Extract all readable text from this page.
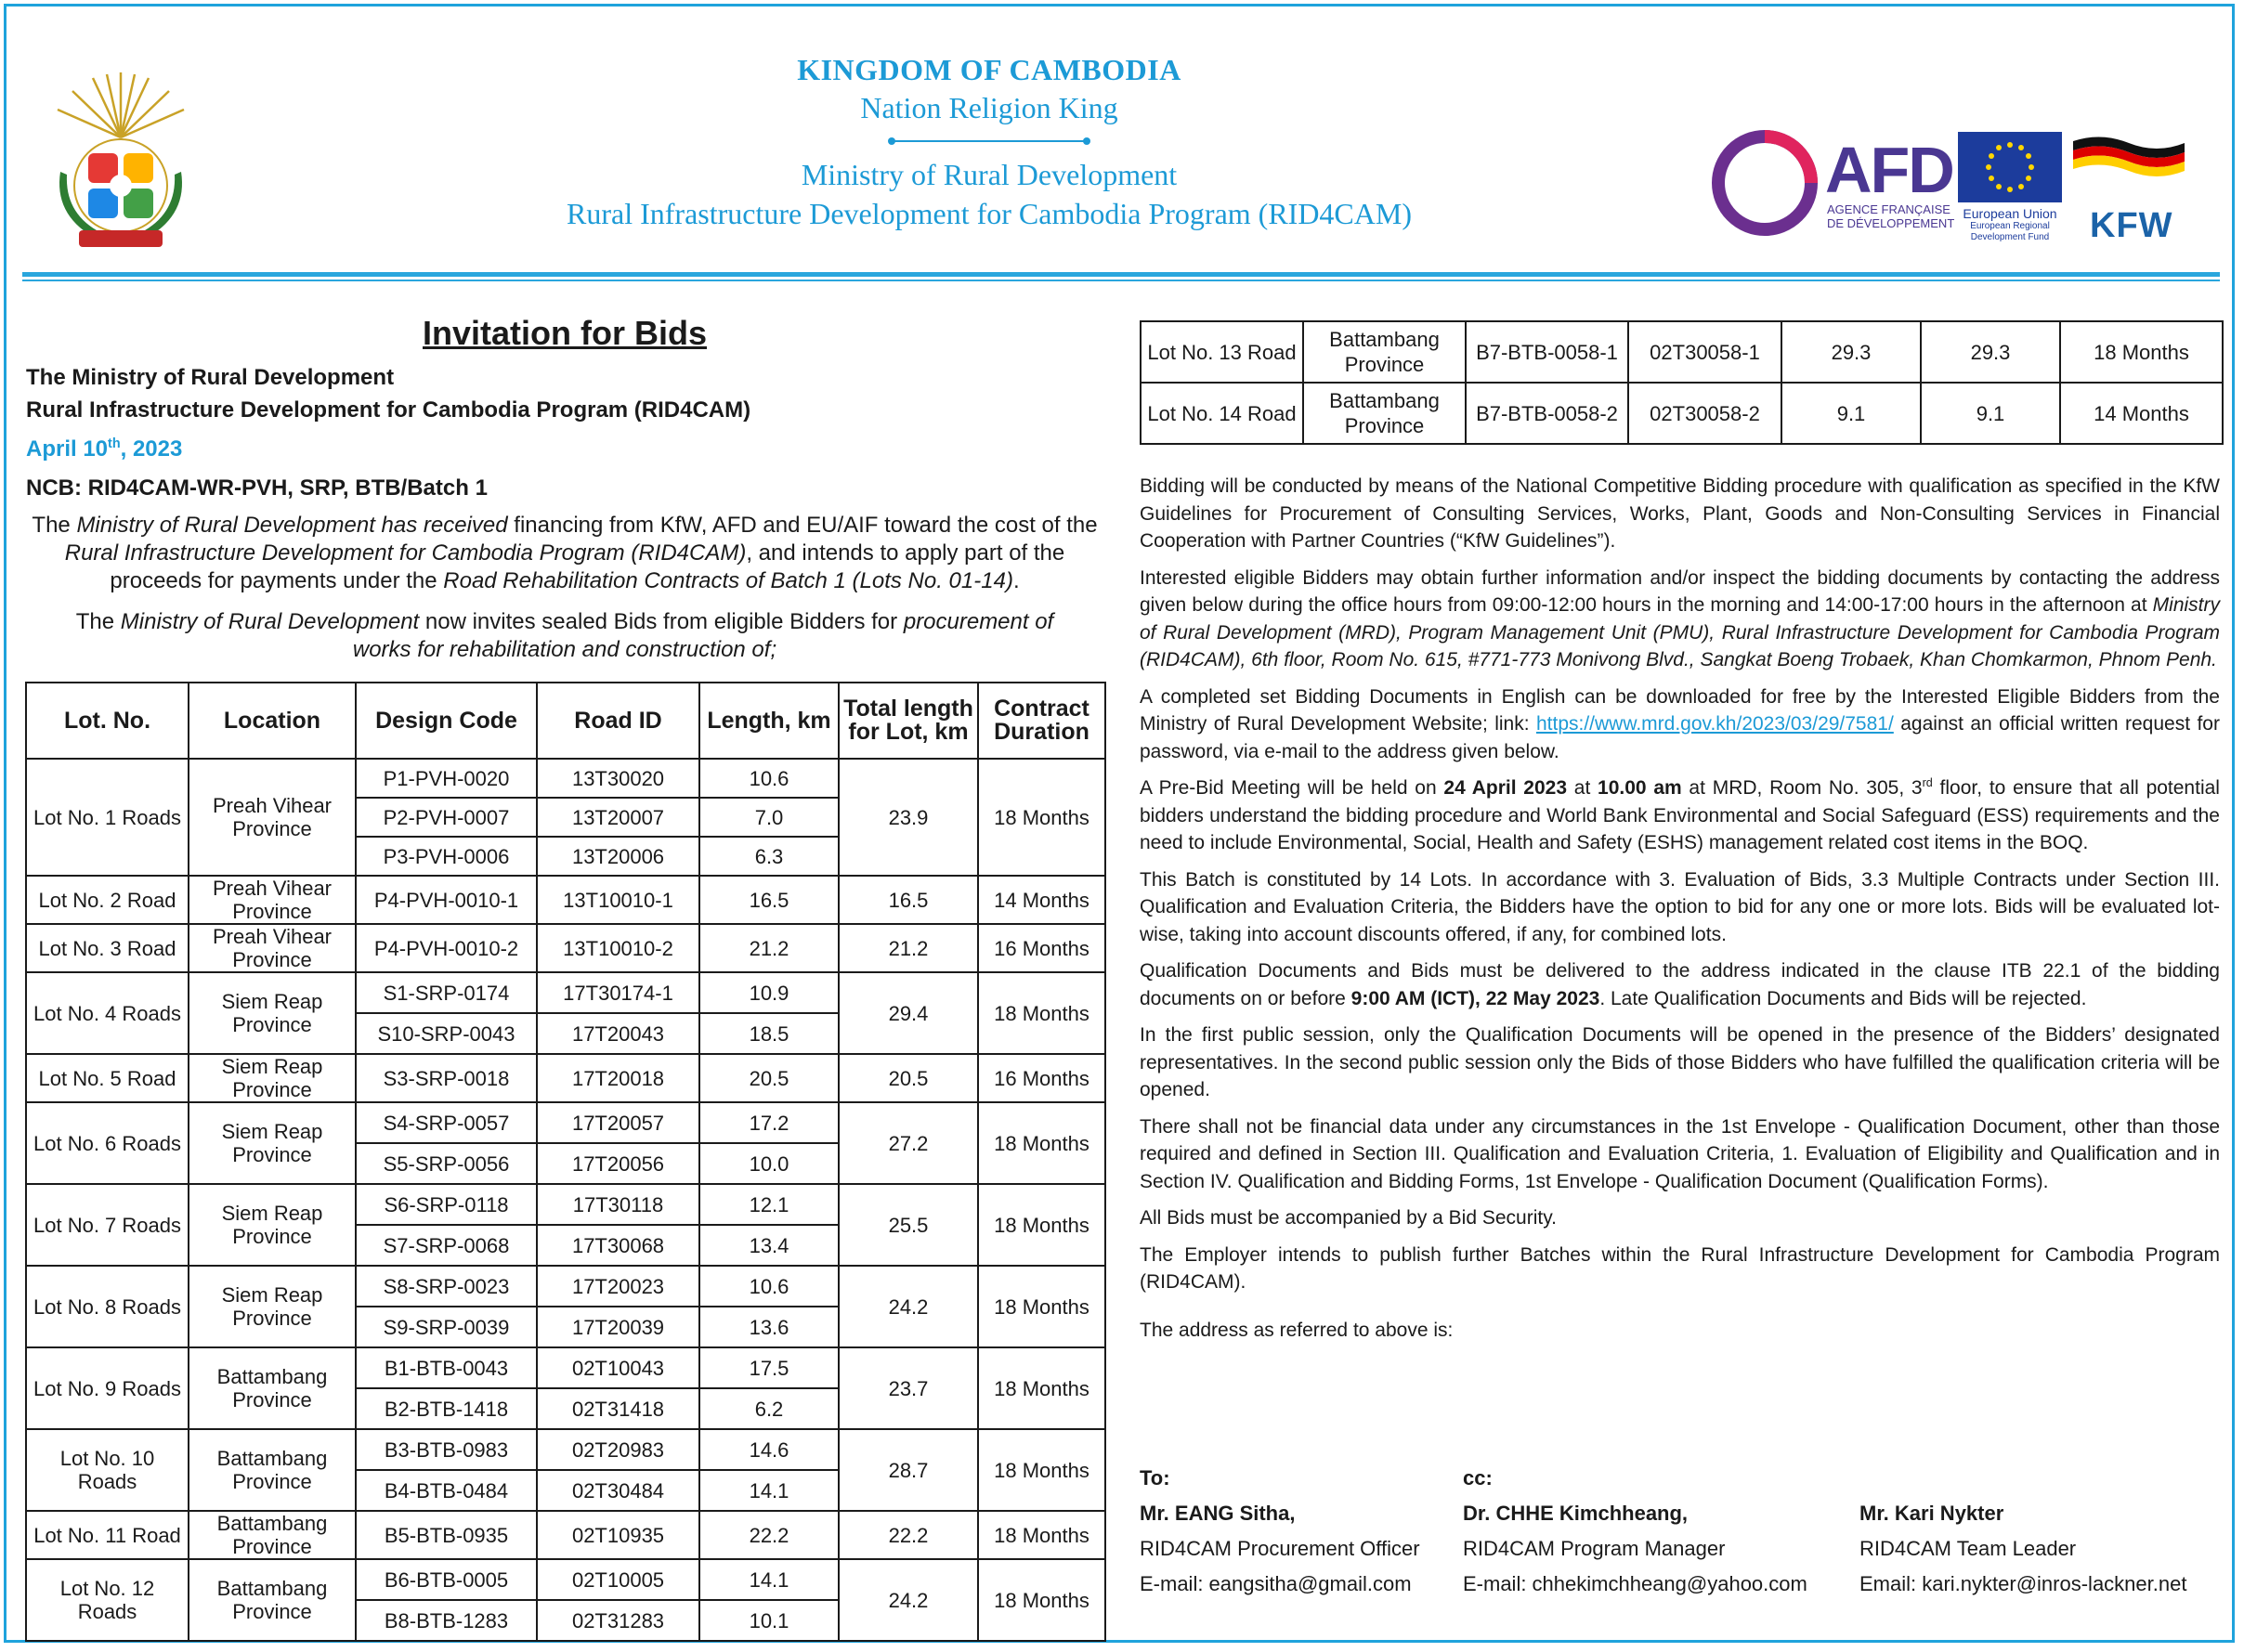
KINGDOM OF CAMBODIA
Nation Religion King
Ministry of Rural Development
Rural Infrastructure Development for Cambodia Program (RID4CAM)
AFD
AGENCE FRANÇAISE
DE DÉVELOPPEMENT
European Union
European Regional
Development Fund	KFW
Invitation for Bids
The Ministry of Rural Development
Rural Infrastructure Development for Cambodia Program (RID4CAM)
April 10th, 2023
NCB: RID4CAM-WR-PVH, SRP, BTB/Batch 1
The Ministry of Rural Development has received financing from KfW, AFD and EU/AIF toward the cost of the Rural Infrastructure Development for Cambodia Program (RID4CAM), and intends to apply part of the proceeds for payments under the Road Rehabilitation Contracts of Batch 1 (Lots No. 01-14).
The Ministry of Rural Development now invites sealed Bids from eligible Bidders for procurement of works for rehabilitation and construction of;
Lot. No.	Location	Design Code	Road ID	Length, km	Total length for Lot, km	Contract Duration
Lot No. 1 Roads	Preah Vihear Province	P1-PVH-0020	13T30020	10.6	23.9	18 Months
		P2-PVH-0007	13T20007	7.0		
		P3-PVH-0006	13T20006	6.3		
Lot No. 2 Road	Preah Vihear Province	P4-PVH-0010-1	13T10010-1	16.5	16.5	14 Months
Lot No. 3 Road	Preah Vihear Province	P4-PVH-0010-2	13T10010-2	21.2	21.2	16 Months
Lot No. 4 Roads	Siem Reap Province	S1-SRP-0174	17T30174-1	10.9	29.4	18 Months
		S10-SRP-0043	17T20043	18.5		
Lot No. 5 Road	Siem Reap Province	S3-SRP-0018	17T20018	20.5	20.5	16 Months
Lot No. 6 Roads	Siem Reap Province	S4-SRP-0057	17T20057	17.2	27.2	18 Months
		S5-SRP-0056	17T20056	10.0		
Lot No. 7 Roads	Siem Reap Province	S6-SRP-0118	17T30118	12.1	25.5	18 Months
		S7-SRP-0068	17T30068	13.4		
Lot No. 8 Roads	Siem Reap Province	S8-SRP-0023	17T20023	10.6	24.2	18 Months
		S9-SRP-0039	17T20039	13.6		
Lot No. 9 Roads	Battambang Province	B1-BTB-0043	02T10043	17.5	23.7	18 Months
		B2-BTB-1418	02T31418	6.2		
Lot No. 10 Roads	Battambang Province	B3-BTB-0983	02T20983	14.6	28.7	18 Months
		B4-BTB-0484	02T30484	14.1		
Lot No. 11 Road	Battambang Province	B5-BTB-0935	02T10935	22.2	22.2	18 Months
Lot No. 12 Roads	Battambang Province	B6-BTB-0005	02T10005	14.1	24.2	18 Months
		B8-BTB-1283	02T31283	10.1		
Lot No. 13 Road	Battambang Province	B7-BTB-0058-1	02T30058-1	29.3	29.3	18 Months
Lot No. 14 Road	Battambang Province	B7-BTB-0058-2	02T30058-2	9.1	9.1	14 Months

Bidding will be conducted by means of the National Competitive Bidding procedure with qualification as specified in the KfW Guidelines for Procurement of Consulting Services, Works, Plant, Goods and Non-Consulting Services in Financial Cooperation with Partner Countries (“KfW Guidelines”).

Interested eligible Bidders may obtain further information and/or inspect the bidding documents by contacting the address given below during the office hours from 09:00-12:00 hours in the morning and 14:00-17:00 hours in the afternoon at Ministry of Rural Development (MRD), Program Management Unit (PMU), Rural Infrastructure Development for Cambodia Program (RID4CAM), 6th floor, Room No. 615, #771-773 Monivong Blvd., Sangkat Boeng Trobaek, Khan Chomkarmon, Phnom Penh.

A completed set Bidding Documents in English can be downloaded for free by the Interested Eligible Bidders from the Ministry of Rural Development Website; link: https://www.mrd.gov.kh/2023/03/29/7581/ against an official written request for password, via e-mail to the address given below.

A Pre-Bid Meeting will be held on 24 April 2023 at 10.00 am at MRD, Room No. 305, 3rd floor, to ensure that all potential bidders understand the bidding procedure and World Bank Environmental and Social Safeguard (ESS) requirements and the need to include Environmental, Social, Health and Safety (ESHS) management related cost items in the BOQ.

This Batch is constituted by 14 Lots. In accordance with 3. Evaluation of Bids, 3.3 Multiple Contracts under Section III. Qualification and Evaluation Criteria, the Bidders have the option to bid for any one or more lots. Bids will be evaluated lot-wise, taking into account discounts offered, if any, for combined lots.

Qualification Documents and Bids must be delivered to the address indicated in the clause ITB 22.1 of the bidding documents on or before 9:00 AM (ICT), 22 May 2023. Late Qualification Documents and Bids will be rejected.

In the first public session, only the Qualification Documents will be opened in the presence of the Bidders’ designated representatives. In the second public session only the Bids of those Bidders who have fulfilled the qualification criteria will be opened.

There shall not be financial data under any circumstances in the 1st Envelope - Qualification Document, other than those required and defined in Section III. Qualification and Evaluation Criteria, 1. Evaluation of Eligibility and Qualification and in Section IV. Qualification and Bidding Forms, 1st Envelope - Qualification Document (Qualification Forms).

All Bids must be accompanied by a Bid Security.

The Employer intends to publish further Batches within the Rural Infrastructure Development for Cambodia Program (RID4CAM).

The address as referred to above is:

To:
Mr. EANG Sitha,
RID4CAM Procurement Officer
E-mail: eangsitha@gmail.com
cc:
Dr. CHHE Kimchheang,
RID4CAM Program Manager
E-mail: chhekimchheang@yahoo.com
Mr. Kari Nykter
RID4CAM Team Leader
Email: kari.nykter@inros-lackner.net
